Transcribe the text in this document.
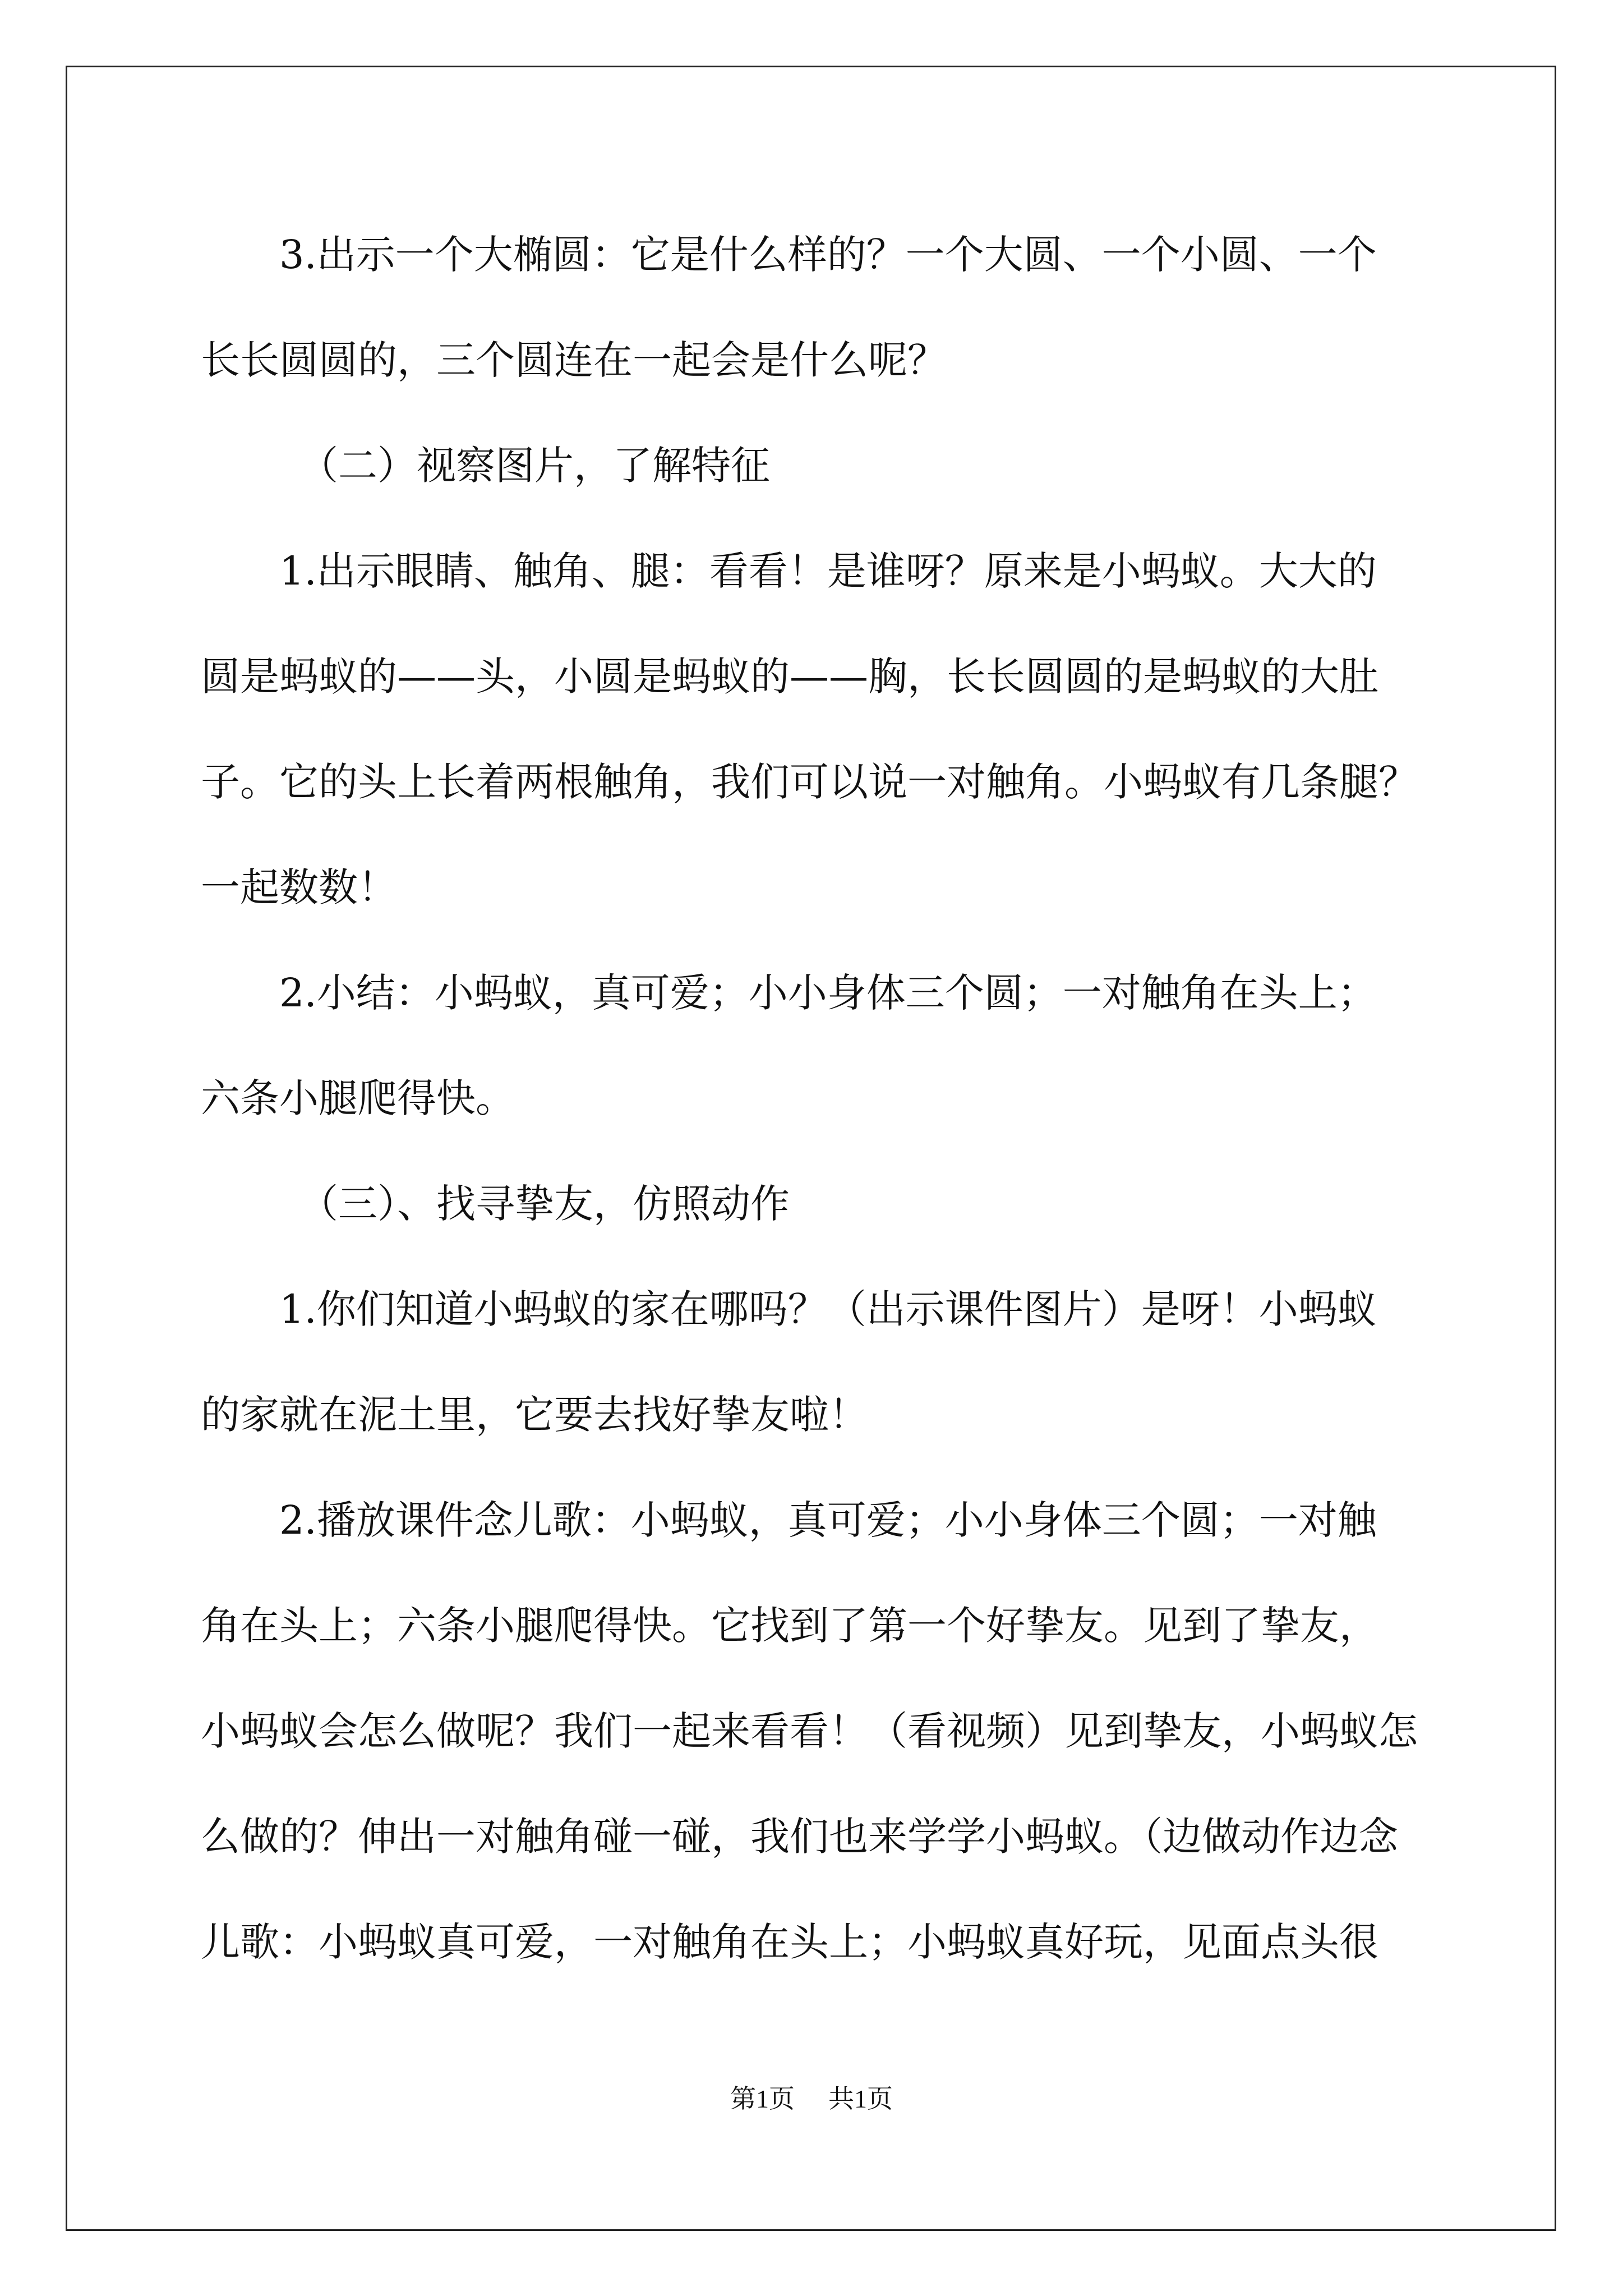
3.出示一个大椭圆：它是什么样的？一个大圆、一个小圆、一个
长长圆圆的，三个圆连在一起会是什么呢？
（二）视察图片，了解特征
1.出示眼睛、触角、腿：看看！是谁呀？原来是小蚂蚁。大大的
圆是蚂蚁的——头，小圆是蚂蚁的——胸，长长圆圆的是蚂蚁的大肚
子。它的头上长着两根触角，我们可以说一对触角。小蚂蚁有几条腿？
一起数数！
2.小结：小蚂蚁，真可爱；小小身体三个圆；一对触角在头上；
六条小腿爬得快。
（三）、找寻挚友，仿照动作
1.你们知道小蚂蚁的家在哪吗？（出示课件图片）是呀！小蚂蚁
的家就在泥土里，它要去找好挚友啦！
2.播放课件念儿歌：小蚂蚁，真可爱；小小身体三个圆；一对触
角在头上；六条小腿爬得快。它找到了第一个好挚友。见到了挚友，
小蚂蚁会怎么做呢？我们一起来看看！（看视频）见到挚友，小蚂蚁怎
么做的？伸出一对触角碰一碰，我们也来学学小蚂蚁。（边做动作边念
儿歌：小蚂蚁真可爱，一对触角在头上；小蚂蚁真好玩，见面点头很
第1页 共1页
